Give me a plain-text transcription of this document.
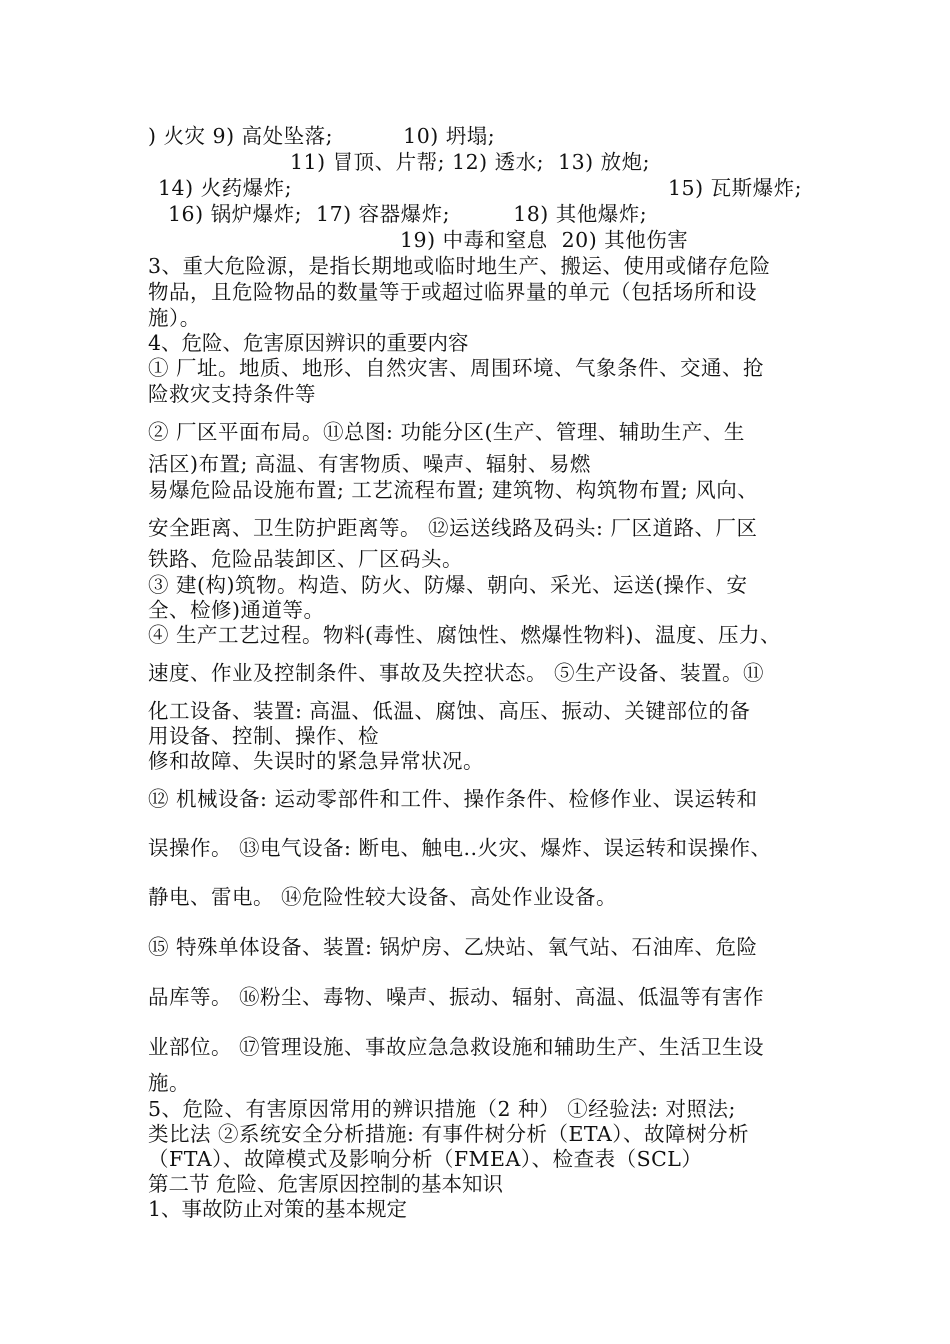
) 火灾 9) 高处坠落;          10) 坍塌;
11) 冒顶、片帮; 12) 透水;  13) 放炮;
14) 火药爆炸;	15) 瓦斯爆炸;
16) 锅炉爆炸;  17) 容器爆炸;         18) 其他爆炸;
19) 中毒和窒息  20) 其他伤害
3、重大危险源，是指长期地或临时地生产、搬运、使用或储存危险
物品，且危险物品的数量等于或超过临界量的单元（包括场所和设
施）。
4、危险、危害原因辨识的重要内容
① 厂址。地质、地形、自然灾害、周围环境、气象条件、交通、抢
险救灾支持条件等
② 厂区平面布局。⑪总图: 功能分区(生产、管理、辅助生产、生
活区)布置; 高温、有害物质、噪声、辐射、易燃
易爆危险品设施布置; 工艺流程布置; 建筑物、构筑物布置; 风向、
安全距离、卫生防护距离等。 ⑫运送线路及码头: 厂区道路、厂区
铁路、危险品装卸区、厂区码头。
③ 建(构)筑物。构造、防火、防爆、朝向、采光、运送(操作、安
全、检修)通道等。
④ 生产工艺过程。物料(毒性、腐蚀性、燃爆性物料)、温度、压力、
速度、作业及控制条件、事故及失控状态。 ⑤生产设备、装置。⑪
化工设备、装置: 高温、低温、腐蚀、高压、振动、关键部位的备
用设备、控制、操作、检
修和故障、失误时的紧急异常状况。
⑫ 机械设备: 运动零部件和工件、操作条件、检修作业、误运转和
误操作。 ⑬电气设备: 断电、触电..火灾、爆炸、误运转和误操作、
静电、雷电。 ⑭危险性较大设备、高处作业设备。
⑮ 特殊单体设备、装置: 锅炉房、乙炔站、氧气站、石油库、危险
品库等。 ⑯粉尘、毒物、噪声、振动、辐射、高温、低温等有害作
业部位。 ⑰管理设施、事故应急急救设施和辅助生产、生活卫生设
施。
5、危险、有害原因常用的辨识措施（2 种） ①经验法: 对照法;
类比法 ②系统安全分析措施: 有事件树分析（ETA）、故障树分析
（FTA）、故障模式及影响分析（FMEA）、检查表（SCL）
第二节 危险、危害原因控制的基本知识
1、事故防止对策的基本规定
